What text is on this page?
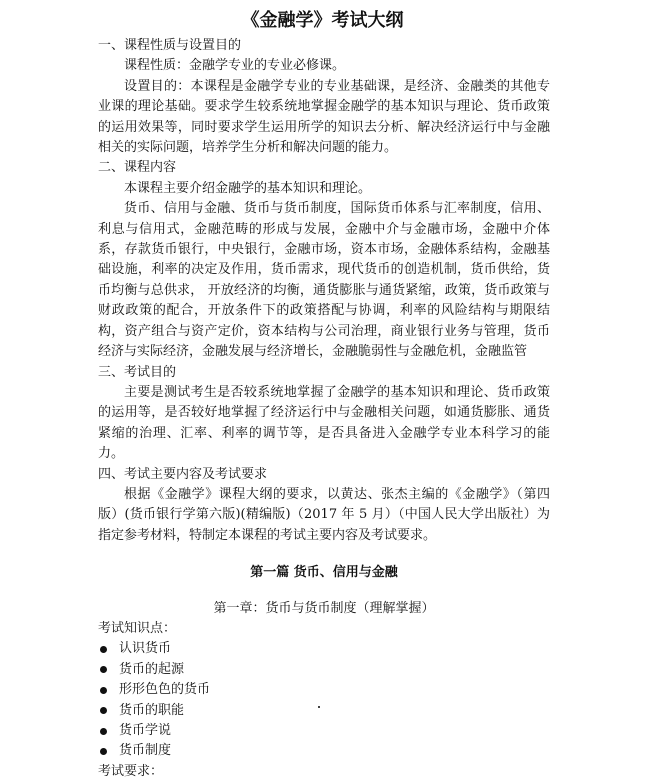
《金融学》考试大纲

一、课程性质与设置目的

课程性质：金融学专业的专业必修课。

设置目的：本课程是金融学专业的专业基础课，是经济、金融类的其他专业课的理论基础。要求学生较系统地掌握金融学的基本知识与理论、货币政策的运用效果等，同时要求学生运用所学的知识去分析、解决经济运行中与金融相关的实际问题，培养学生分析和解决问题的能力。

二、课程内容

本课程主要介绍金融学的基本知识和理论。

货币、信用与金融、货币与货币制度，国际货币体系与汇率制度，信用、利息与信用式，金融范畴的形成与发展，金融中介与金融市场，金融中介体系，存款货币银行，中央银行，金融市场，资本市场，金融体系结构，金融基础设施，利率的决定及作用，货币需求，现代货币的创造机制，货币供给，货币均衡与总供求， 开放经济的均衡，通货膨胀与通货紧缩，政策，货币政策与财政政策的配合，开放条件下的政策搭配与协调，利率的风险结构与期限结构，资产组合与资产定价，资本结构与公司治理，商业银行业务与管理，货币经济与实际经济，金融发展与经济增长，金融脆弱性与金融危机，金融监管

三、考试目的

主要是测试考生是否较系统地掌握了金融学的基本知识和理论、货币政策的运用等，是否较好地掌握了经济运行中与金融相关问题，如通货膨胀、通货紧缩的治理、汇率、利率的调节等，是否具备进入金融学专业本科学习的能力。

四、考试主要内容及考试要求

根据《金融学》课程大纲的要求，以黄达、张杰主编的《金融学》（第四版）(货币银行学第六版)(精编版)（2017 年 5 月）（中国人民大学出版社）为指定参考材料，特制定本课程的考试主要内容及考试要求。

第一篇 货币、信用与金融

第一章：货币与货币制度（理解掌握）

考试知识点：

认识货币
货币的起源
形形色色的货币
货币的职能
货币学说
货币制度

考试要求：
